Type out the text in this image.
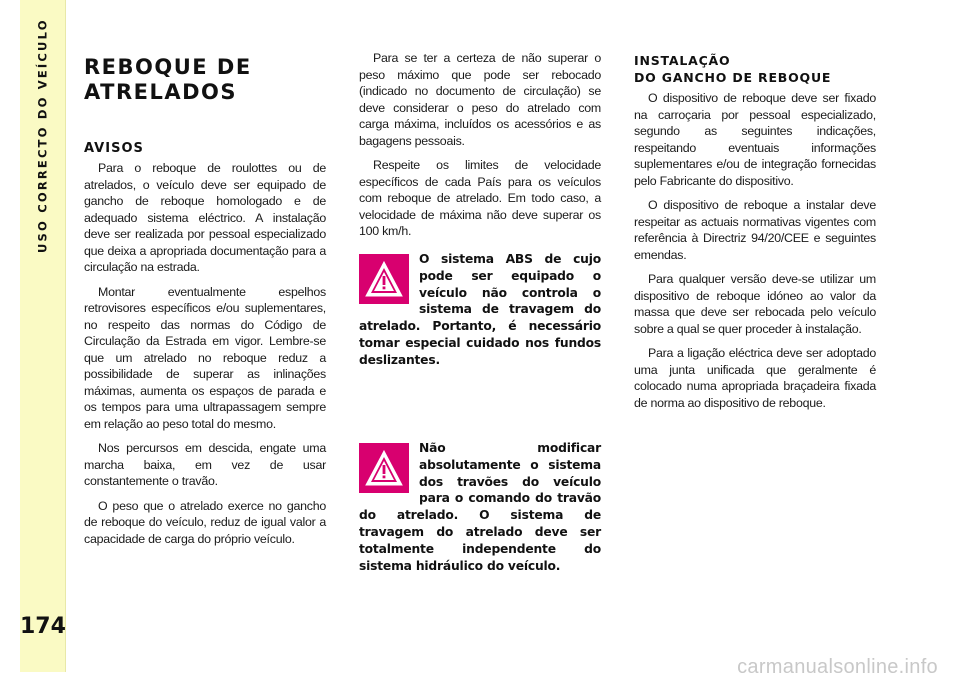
USO CORRECTO DO VEÍCULO
174
REBOQUE DE
ATRELADOS
AVISOS

Para o reboque de roulottes ou de atrelados, o veículo deve ser equipado de gancho de reboque homologado e de adequado sistema eléctrico. A instalação deve ser realizada por pessoal especializado que deixa a apropriada documentação para a circulação na estrada.

Montar eventualmente espelhos retrovisores específicos e/ou suplementares, no respeito das normas do Código de Circulação da Estrada em vigor. Lembre-se que um atrelado no reboque reduz a possibilidade de superar as inlinações máximas, aumenta os espaços de parada e os tempos para uma ultrapassagem sempre em relação ao peso total do mesmo.

Nos percursos em descida, engate uma marcha baixa, em vez de usar constantemente o travão.

O peso que o atrelado exerce no gancho de reboque do veículo, reduz de igual valor a capacidade de carga do próprio veículo.

Para se ter a certeza de não superar o peso máximo que pode ser rebocado (indicado no documento de circulação) se deve considerar o peso do atrelado com carga máxima, incluídos os acessórios e as bagagens pessoais.

Respeite os limites de velocidade específicos de cada País para os veículos com reboque de atrelado. Em todo caso, a velocidade de máxima não deve superar os 100 km/h.

O sistema ABS de cujo pode ser equipado o veículo não controla o sistema de travagem do atrelado. Portanto, é necessário tomar especial cuidado nos fundos deslizantes.
Não modificar absolutamente o sistema dos travões do veículo para o comando do travão do atrelado. O sistema de travagem do atrelado deve ser totalmente independente do sistema hidráulico do veículo.
INSTALAÇÃO
DO GANCHO DE REBOQUE

O dispositivo de reboque deve ser fixado na carroçaria por pessoal especializado, segundo as seguintes indicações, respeitando eventuais informações suplementares e/ou de integração fornecidas pelo Fabricante do dispositivo.

O dispositivo de reboque a instalar deve respeitar as actuais normativas vigentes com referência à Directriz 94/20/CEE e seguintes emendas.

Para qualquer versão deve-se utilizar um dispositivo de reboque idóneo ao valor da massa que deve ser rebocada pelo veículo sobre a qual se quer proceder à instalação.

Para a ligação eléctrica deve ser adoptado uma junta unificada que geralmente é colocado numa apropriada braçadeira fixada de norma ao dispositivo de reboque.

carmanualsonline.info
